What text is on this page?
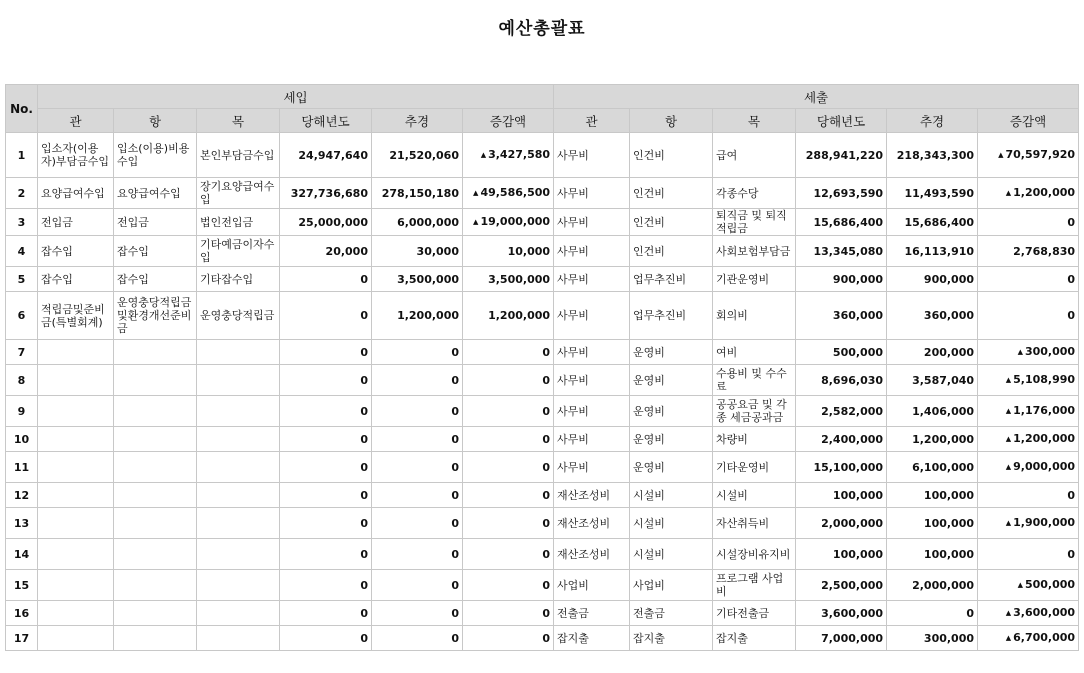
예산총괄표
No.	세입						세출					
	관	항	목	당해년도	추경	증감액	관	항	목	당해년도	추경	증감액
1	입소자(이용자)부담금수입	입소(이용)비용수입	본인부담금수입	24,947,640	21,520,060	▲ 3,427,580	사무비	인건비	급여	288,941,220	218,343,300	▲ 70,597,920
2	요양급여수입	요양급여수입	장기요양급여수입	327,736,680	278,150,180	▲ 49,586,500	사무비	인건비	각종수당	12,693,590	11,493,590	▲ 1,200,000
3	전입금	전입금	법인전입금	25,000,000	6,000,000	▲ 19,000,000	사무비	인건비	퇴직금 및 퇴직적립금	15,686,400	15,686,400	0
4	잡수입	잡수입	기타예금이자수입	20,000	30,000	10,000	사무비	인건비	사회보험부담금	13,345,080	16,113,910	2,768,830
5	잡수입	잡수입	기타잡수입	0	3,500,000	3,500,000	사무비	업무추진비	기관운영비	900,000	900,000	0
6	적립금및준비금(특별회계)	운영충당적립금및환경개선준비금	운영충당적립금	0	1,200,000	1,200,000	사무비	업무추진비	회의비	360,000	360,000	0
7				0	0	0	사무비	운영비	여비	500,000	200,000	▲ 300,000
8				0	0	0	사무비	운영비	수용비 및 수수료	8,696,030	3,587,040	▲ 5,108,990
9				0	0	0	사무비	운영비	공공요금 및 각종 세금공과금	2,582,000	1,406,000	▲ 1,176,000
10				0	0	0	사무비	운영비	차량비	2,400,000	1,200,000	▲ 1,200,000
11				0	0	0	사무비	운영비	기타운영비	15,100,000	6,100,000	▲ 9,000,000
12				0	0	0	재산조성비	시설비	시설비	100,000	100,000	0
13				0	0	0	재산조성비	시설비	자산취득비	2,000,000	100,000	▲ 1,900,000
14				0	0	0	재산조성비	시설비	시설장비유지비	100,000	100,000	0
15				0	0	0	사업비	사업비	프로그램 사업비	2,500,000	2,000,000	▲ 500,000
16				0	0	0	전출금	전출금	기타전출금	3,600,000	0	▲ 3,600,000
17				0	0	0	잡지출	잡지출	잡지출	7,000,000	300,000	▲ 6,700,000
